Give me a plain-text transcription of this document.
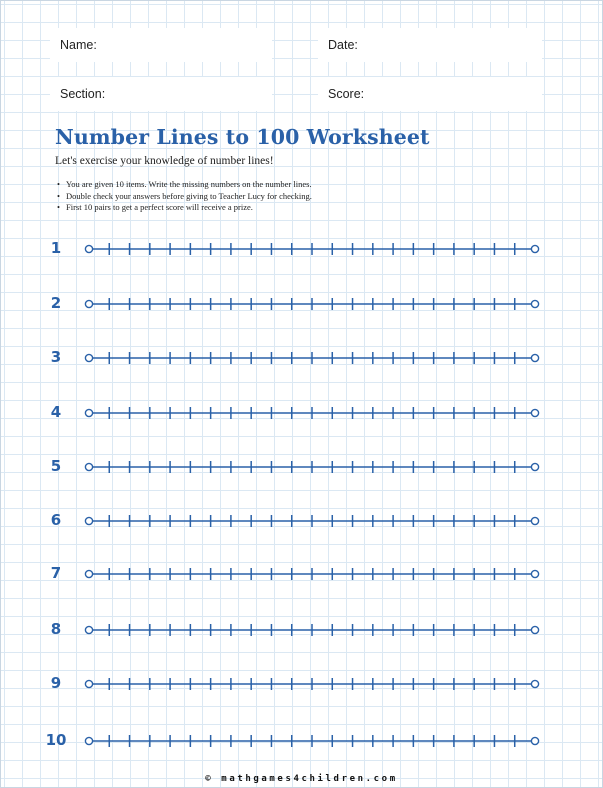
Name:	Date:
Section:	Score:
Number Lines to 100 Worksheet
Let's exercise your knowledge of number lines!
• You are given 10 items. Write the missing numbers on the number lines.
• Double check your answers before giving to Teacher Lucy for checking.
• First 10 pairs to get a perfect score will receive a prize.
1
2
3
4
5
6
7
8
9
10
© mathgames4children.com
